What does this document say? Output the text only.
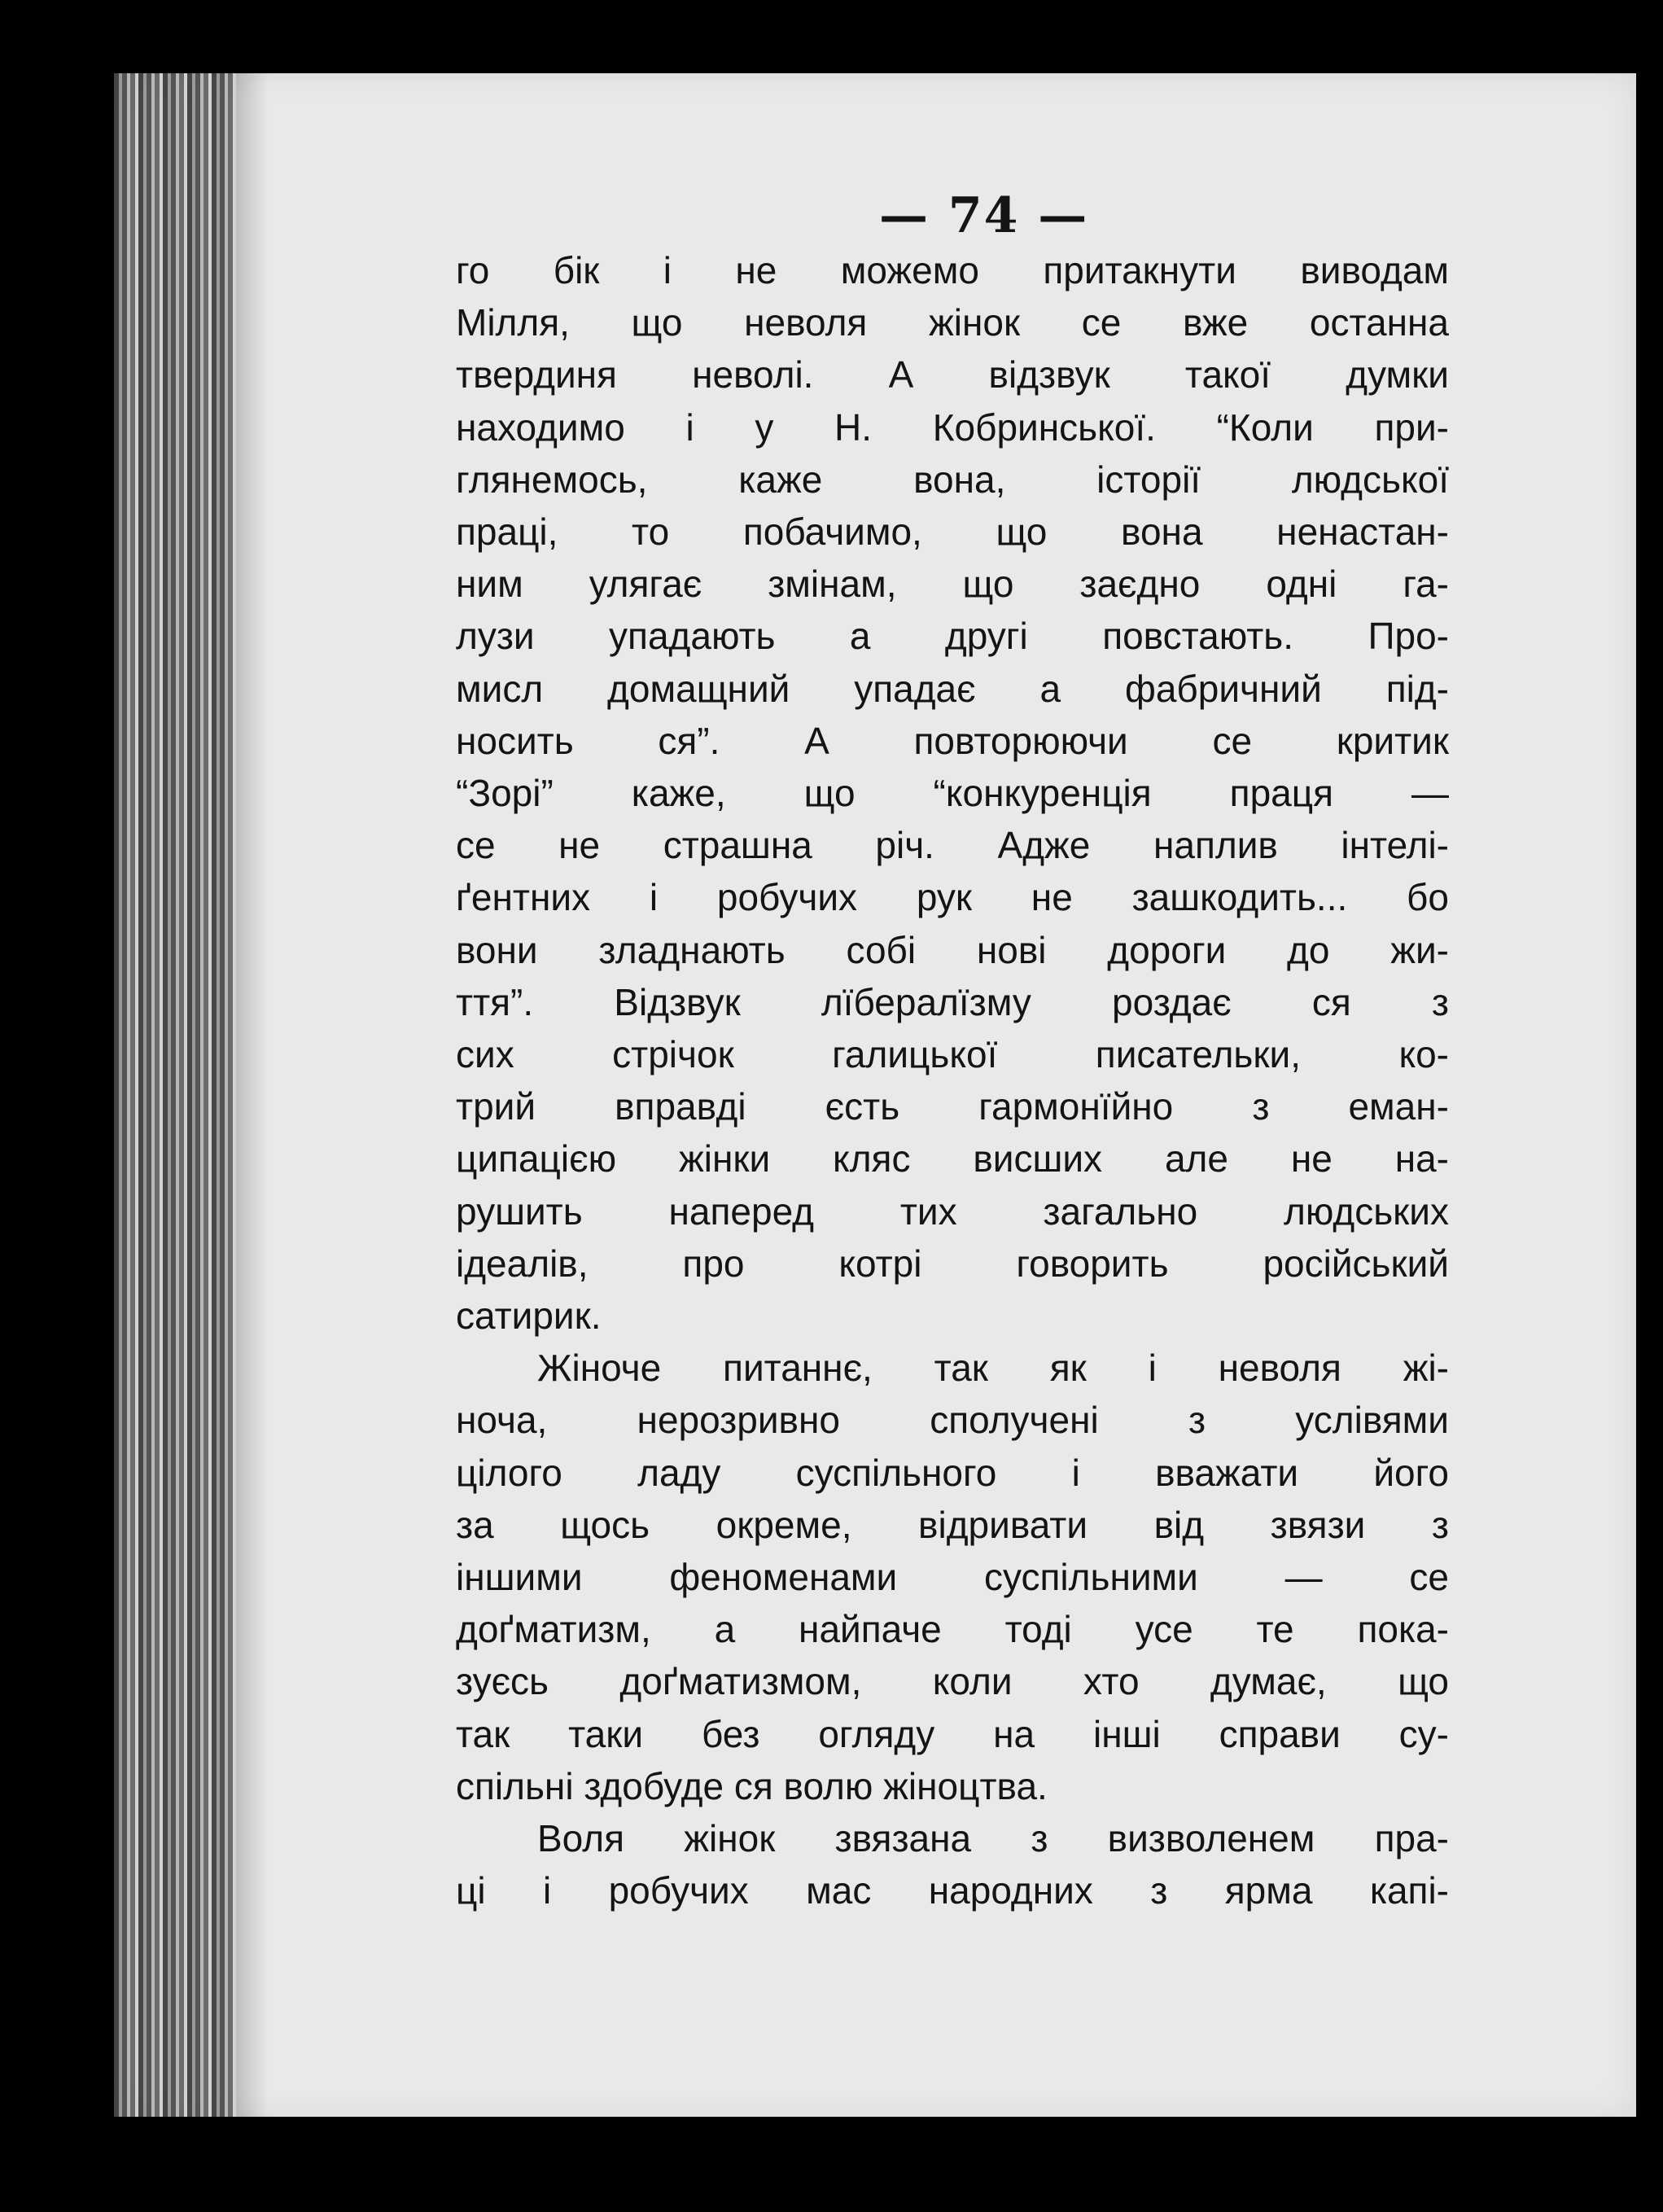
— 74 —
го бік і не можемо притакнути виводам
Мілля, що неволя жінок се вже останна
твердиня неволі. А відзвук такої думки
находимо і у Н. Кобринської. “Коли при-
глянемось, каже вона, історії людської
праці, то побачимо, що вона ненастан-
ним улягає змінам, що заєдно одні га-
лузи упадають а другі повстають. Про-
мисл домащний упадає а фабричний під-
носить ся”. А повторюючи се критик
“Зорі” каже, що “конкуренція праця —
се не страшна річ. Адже наплив інтелі-
ґентних і робучих рук не зашкодить... бо
вони зладнають собі нові дороги до жи-
ття”. Відзвук лїбералїзму роздає ся з
сих стрічок галицької писательки, ко-
трий вправді єсть гармонїйно з еман-
ципацією жінки кляс висших але не на-
рушить наперед тих загально людських
ідеалів, про котрі говорить російський
сатирик.
Жіноче питаннє, так як і неволя жі-
ноча, нерозривно сполучені з услівями
цілого ладу суспільного і вважати його
за щось окреме, відривати від звязи з
іншими феноменами суспільними — се
доґматизм, а найпаче тоді усе те пока-
зуєсь доґматизмом, коли хто думає, що
так таки без огляду на інші справи су-
спільні здобуде ся волю жіноцтва.
Воля жінок звязана з визволенем пра-
ці і робучих мас народних з ярма капі-
